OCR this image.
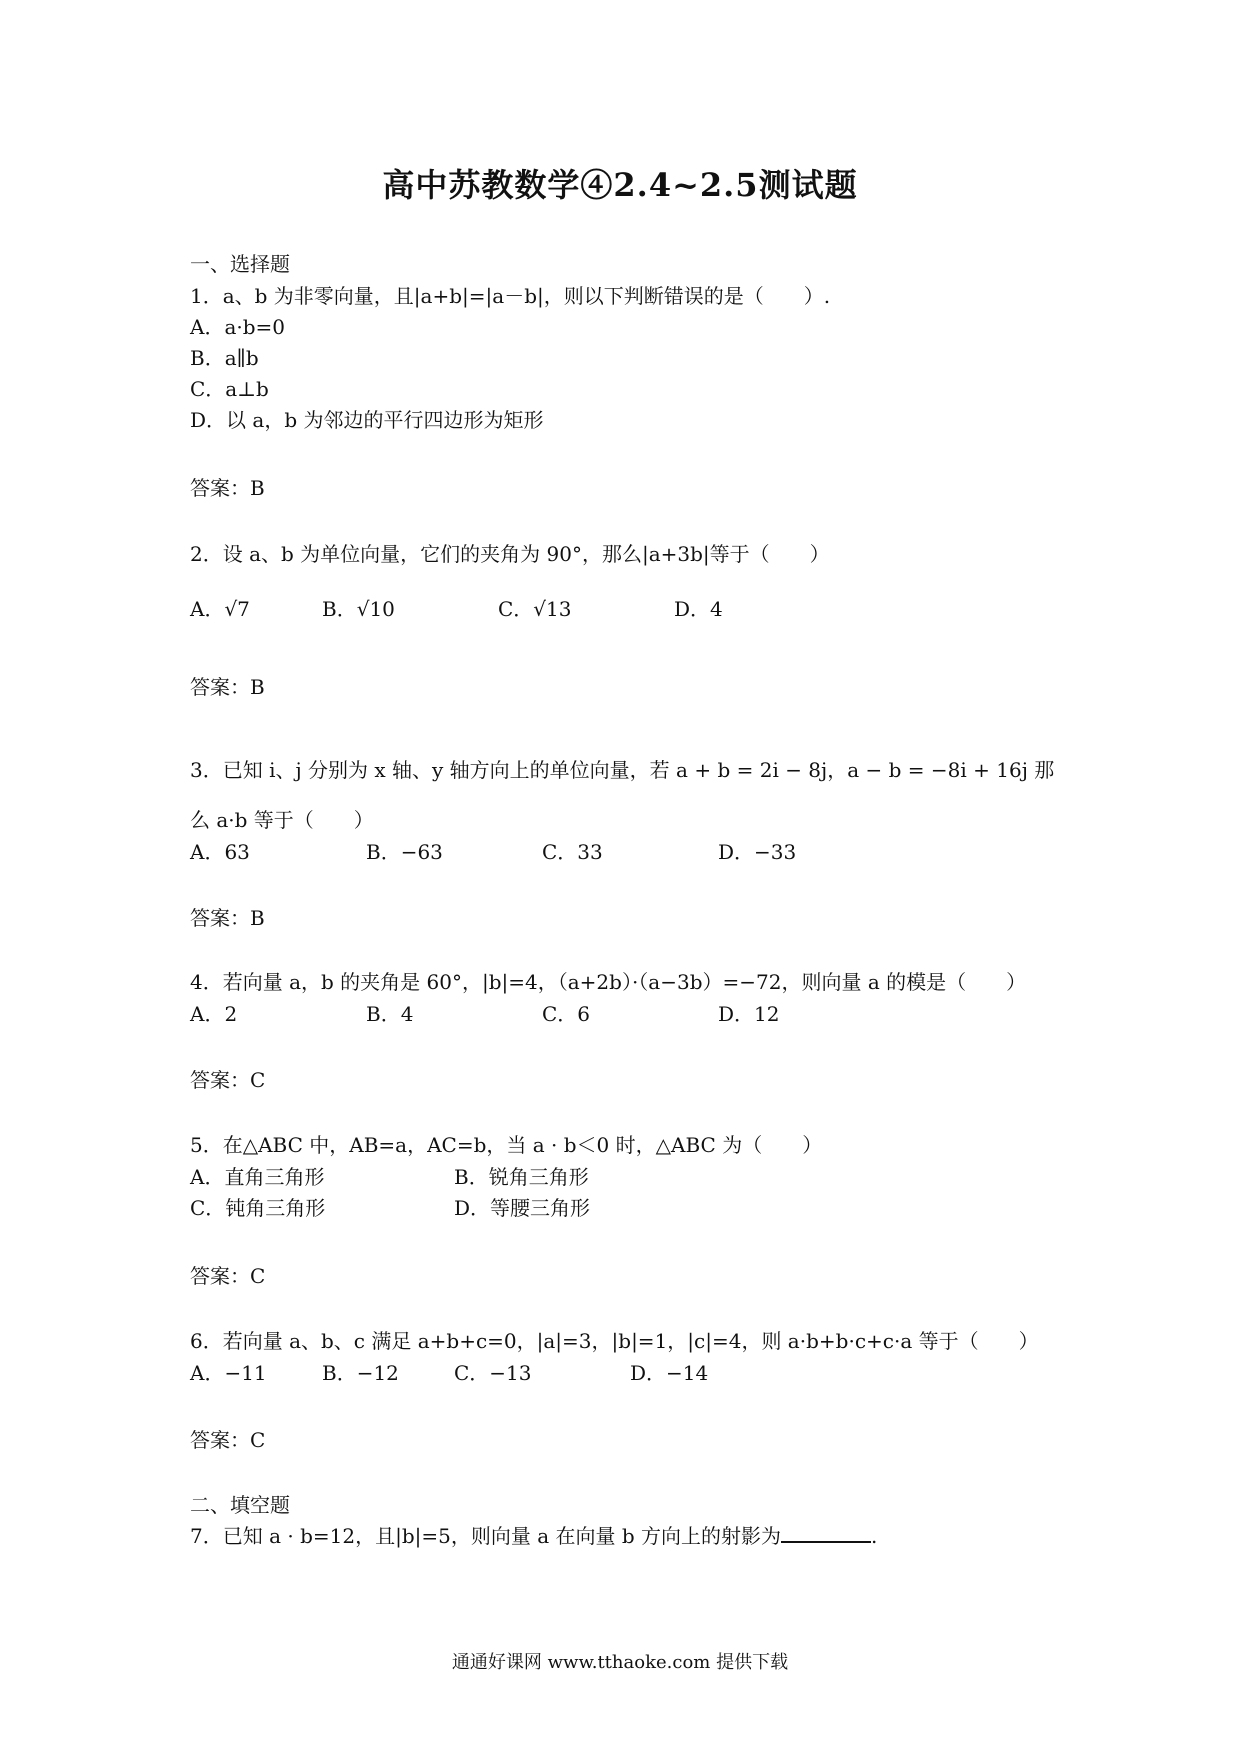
高中苏教数学④2.4~2.5测试题
一、选择题
1．a、b 为非零向量，且|a+b|=|a－b|，则以下判断错误的是（　　）.
A．a·b=0
B．a∥b
C．a⊥b
D．以 a，b 为邻边的平行四边形为矩形
答案：B
2．设 a、b 为单位向量，它们的夹角为 90°，那么|a+3b|等于（　　）
A．√7	B．√10	C．√13	D．4
答案：B
3．已知 i、j 分别为 x 轴、y 轴方向上的单位向量，若 a + b = 2i − 8j，a − b = −8i + 16j 那
么 a·b 等于（　　）
A．63	B．−63	C．33	D．−33
答案：B
4．若向量 a，b 的夹角是 60°，|b|=4，（a+2b）·（a−3b）=−72，则向量 a 的模是（　　）
A．2	B．4	C．6	D．12
答案：C
5．在△ABC 中，AB=a，AC=b，当 a · b＜0 时，△ABC 为（　　）
A．直角三角形	B．锐角三角形
C．钝角三角形	D．等腰三角形
答案：C
6．若向量 a、b、c 满足 a+b+c=0，|a|=3，|b|=1，|c|=4，则 a·b+b·c+c·a 等于（　　）
A．−11	B．−12	C．−13	D．−14
答案：C
二、填空题
7．已知 a · b=12，且|b|=5，则向量 a 在向量 b 方向上的射影为	.
通通好课网 www.tthaoke.com 提供下载
